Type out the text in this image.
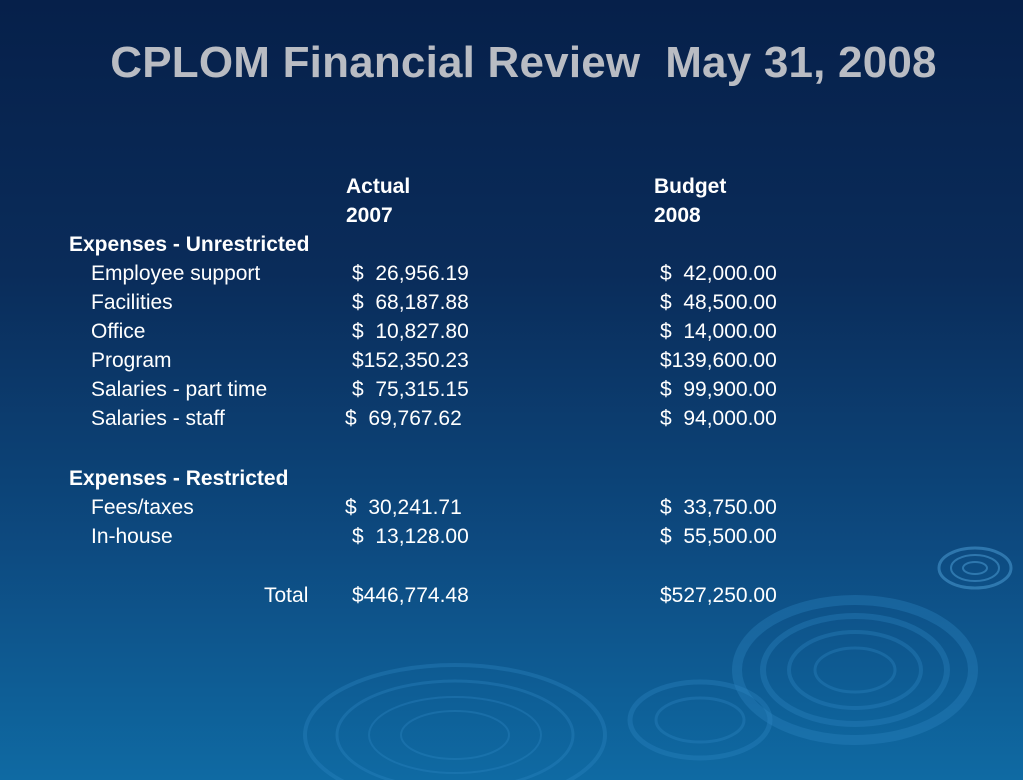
CPLOM Financial Review  May 31, 2008
Actual	Budget
2007	2008
Expenses - Unrestricted
Employee support	$  26,956.19	$  42,000.00
Facilities	$  68,187.88	$  48,500.00
Office	$  10,827.80	$  14,000.00
Program	$152,350.23	$139,600.00
Salaries - part time	$  75,315.15	$  99,900.00
Salaries - staff	$  69,767.62	$  94,000.00
Expenses - Restricted
Fees/taxes	$  30,241.71	$  33,750.00
In-house	$  13,128.00	$  55,500.00
Total $446,774.48	$527,250.00
